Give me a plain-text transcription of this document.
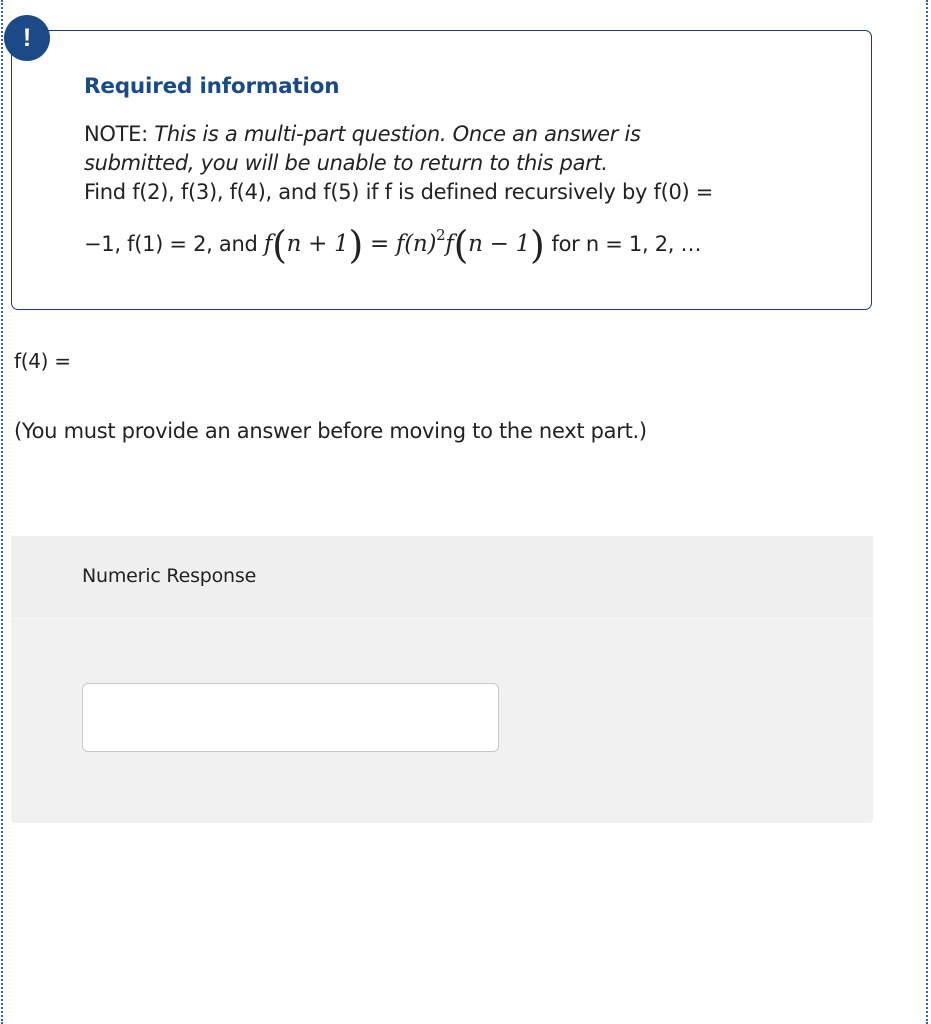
!
Required information
NOTE: This is a multi-part question. Once an answer is
submitted, you will be unable to return to this part.
Find f(2), f(3), f(4), and f(5) if f is defined recursively by f(0) =
−1, f(1) = 2, and $f(n + 1) = f(n)^2f(n - 1)$ for n = 1, 2, …
f(4) =
(You must provide an answer before moving to the next part.)
Numeric Response
